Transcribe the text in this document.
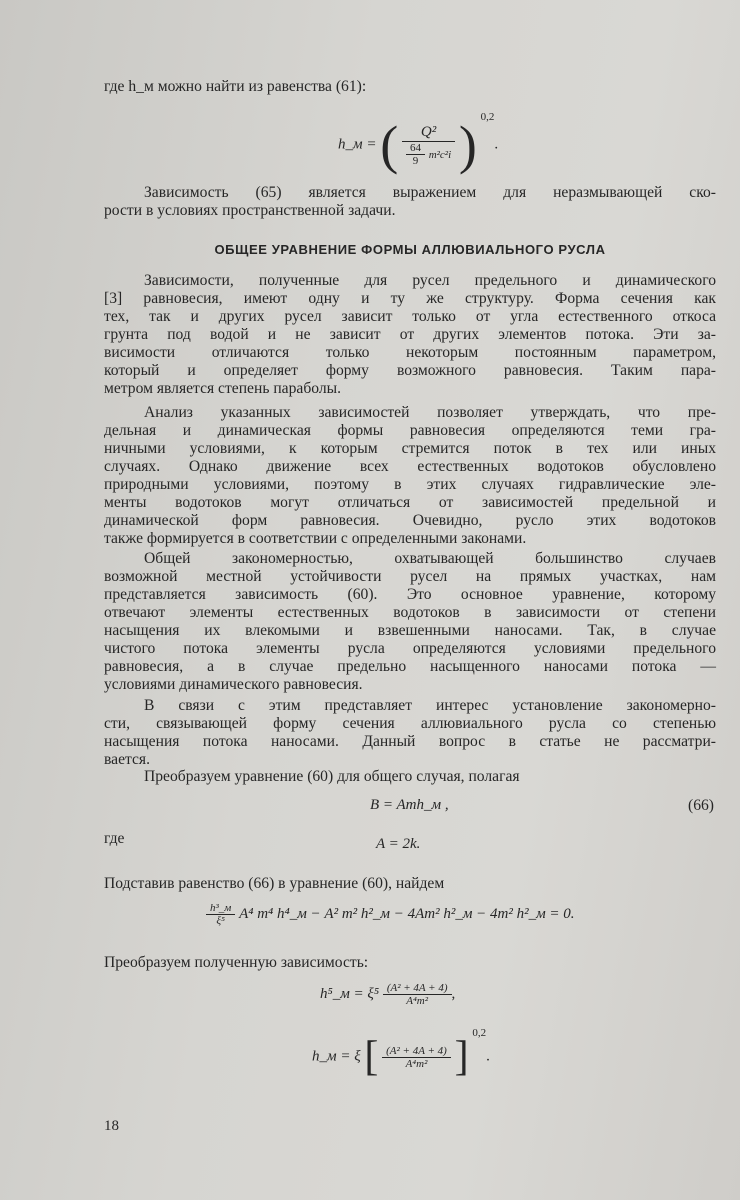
где h_м можно найти из равенства (61):

h_м = ( $\frac{\text{Q²}}{\frac{64}{9} m^2c^2i}$ ) $^{0,2}$.

Зависимость (65) является выражением для неразмывающей ско-
рости в условиях пространственной задачи.

ОБЩЕЕ УРАВНЕНИЕ ФОРМЫ АЛЛЮВИАЛЬНОГО РУСЛА

Зависимости, полученные для русел предельного и динамического
[3] равновесия, имеют одну и ту же структуру. Форма сечения как
тех, так и других русел зависит только от угла естественного откоса
грунта под водой и не зависит от других элементов потока. Эти за-
висимости отличаются только некоторым постоянным параметром,
который и определяет форму возможного равновесия. Таким пара-
метром является степень параболы.

Анализ указанных зависимостей позволяет утверждать, что пре-
дельная и динамическая формы равновесия определяются теми гра-
ничными условиями, к которым стремится поток в тех или иных
случаях. Однако движение всех естественных водотоков обусловлено
природными условиями, поэтому в этих случаях гидравлические эле-
менты водотоков могут отличаться от зависимостей предельной и
динамической форм равновесия. Очевидно, русло этих водотоков
также формируется в соответствии с определенными законами.

Общей закономерностью, охватывающей большинство случаев
возможной местной устойчивости русел на прямых участках, нам
представляется зависимость (60). Это основное уравнение, которому
отвечают элементы естественных водотоков в зависимости от степени
насыщения их влекомыми и взвешенными наносами. Так, в случае
чистого потока элементы русла определяются условиями предельного
равновесия, а в случае предельно насыщенного наносами потока —
условиями динамического равновесия.

В связи с этим представляет интерес установление закономерно-
сти, связывающей форму сечения аллювиального русла со степенью
насыщения потока наносами. Данный вопрос в статье не рассматри-
вается.

Преобразуем уравнение (60) для общего случая, полагая

B = Amh_м ,	(66)
где	A = 2k.

Подставив равенство (66) в уравнение (60), найдем

$\frac{\text{h³\_м}}{\text{ξ⁵}} A^4$ m⁴ h⁴_м − A² m² h²_м − 4Am² h²_м − 4m² h²_м = 0.

Преобразуем полученную зависимость:

h⁵_м = $\xi^5 \frac{\text{(A² + 4A + 4)}}{\text{A⁴m²}}$ ,
h_м = ξ [ $\frac{\text{(A² + 4A + 4)}}{\text{A⁴m²}}$ ] $^{0,2}$.
18
